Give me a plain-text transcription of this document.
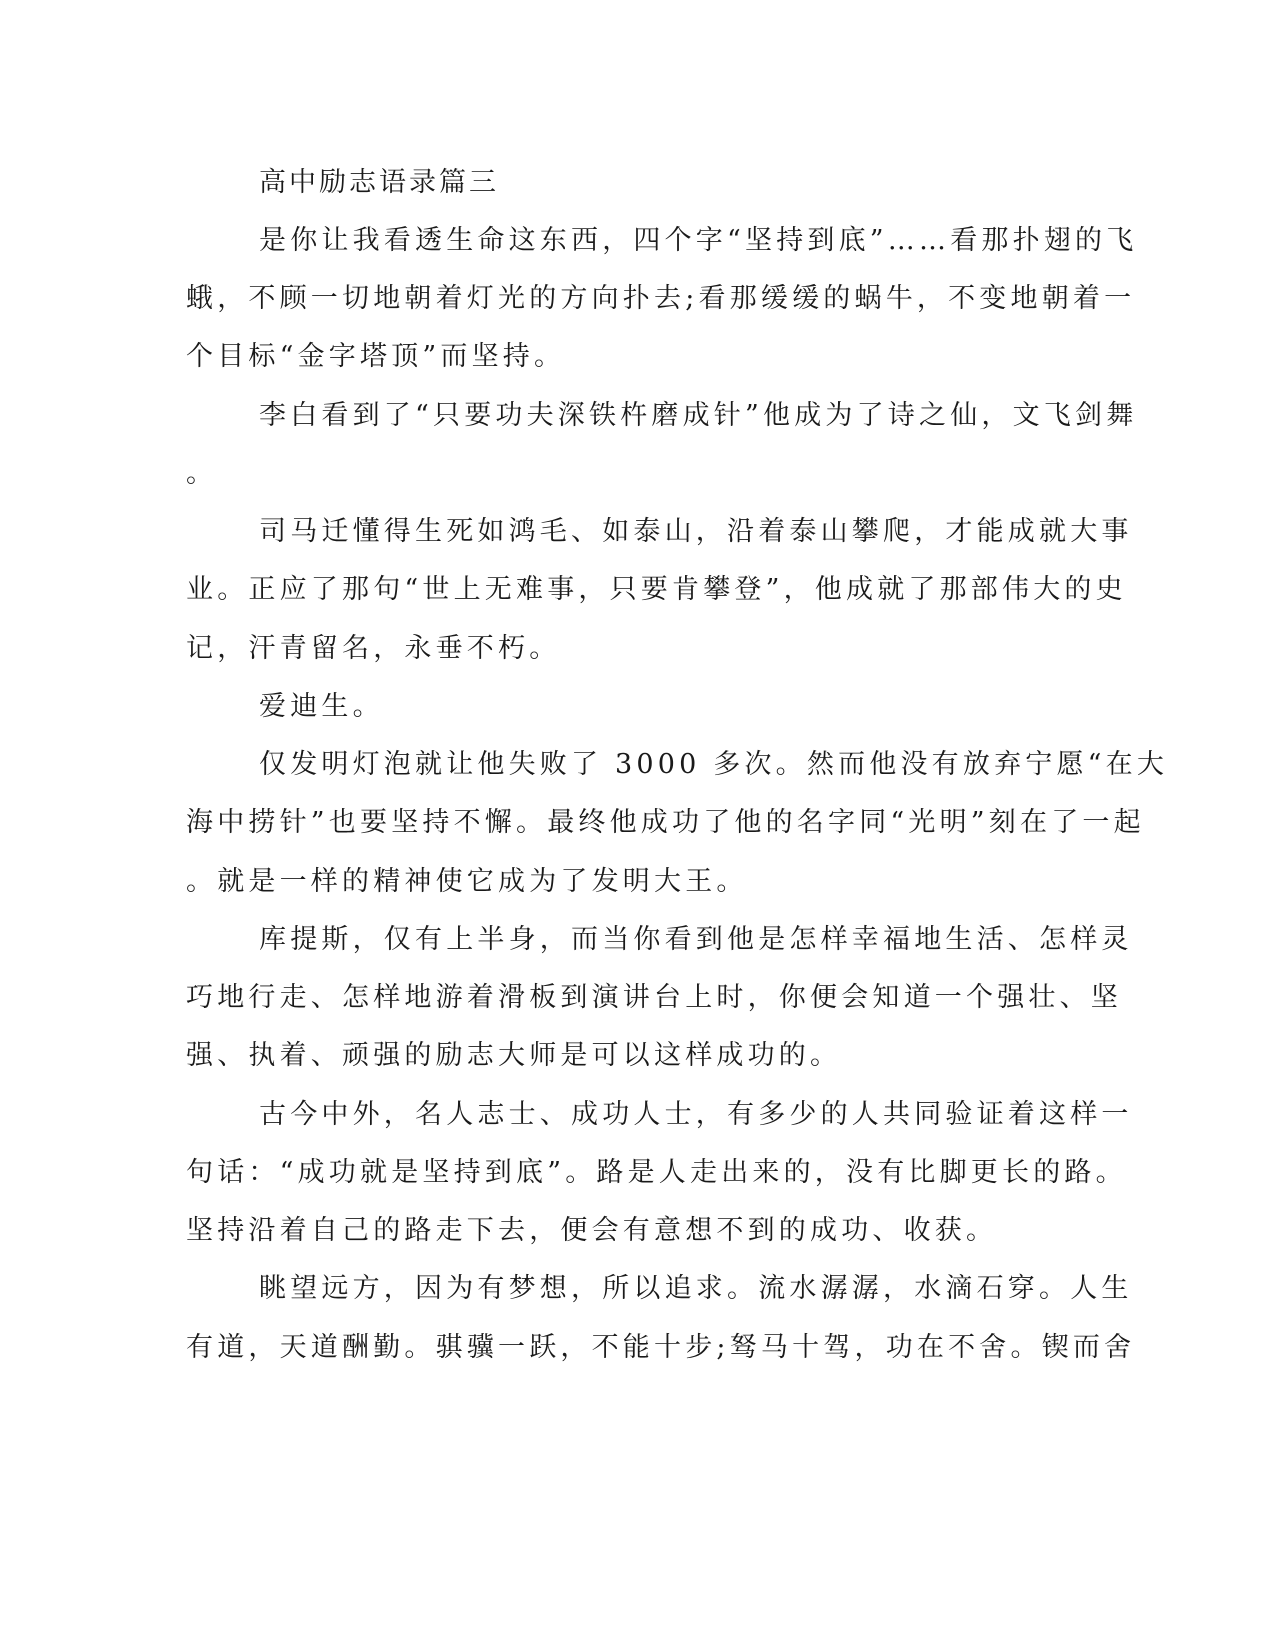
高中励志语录篇三
是你让我看透生命这东西，四个字“坚持到底”……看那扑翅的飞
蛾，不顾一切地朝着灯光的方向扑去;看那缓缓的蜗牛，不变地朝着一
个目标“金字塔顶”而坚持。
李白看到了“只要功夫深铁杵磨成针”他成为了诗之仙，文飞剑舞
。
司马迁懂得生死如鸿毛、如泰山，沿着泰山攀爬，才能成就大事
业。正应了那句“世上无难事，只要肯攀登”，他成就了那部伟大的史
记，汗青留名，永垂不朽。
爱迪生。
仅发明灯泡就让他失败了 3000 多次。然而他没有放弃宁愿“在大
海中捞针”也要坚持不懈。最终他成功了他的名字同“光明”刻在了一起
。就是一样的精神使它成为了发明大王。
库提斯，仅有上半身，而当你看到他是怎样幸福地生活、怎样灵
巧地行走、怎样地游着滑板到演讲台上时，你便会知道一个强壮、坚
强、执着、顽强的励志大师是可以这样成功的。
古今中外，名人志士、成功人士，有多少的人共同验证着这样一
句话：“成功就是坚持到底”。路是人走出来的，没有比脚更长的路。
坚持沿着自己的路走下去，便会有意想不到的成功、收获。
眺望远方，因为有梦想，所以追求。流水潺潺，水滴石穿。人生
有道，天道酬勤。骐骥一跃，不能十步;驽马十驾，功在不舍。锲而舍
